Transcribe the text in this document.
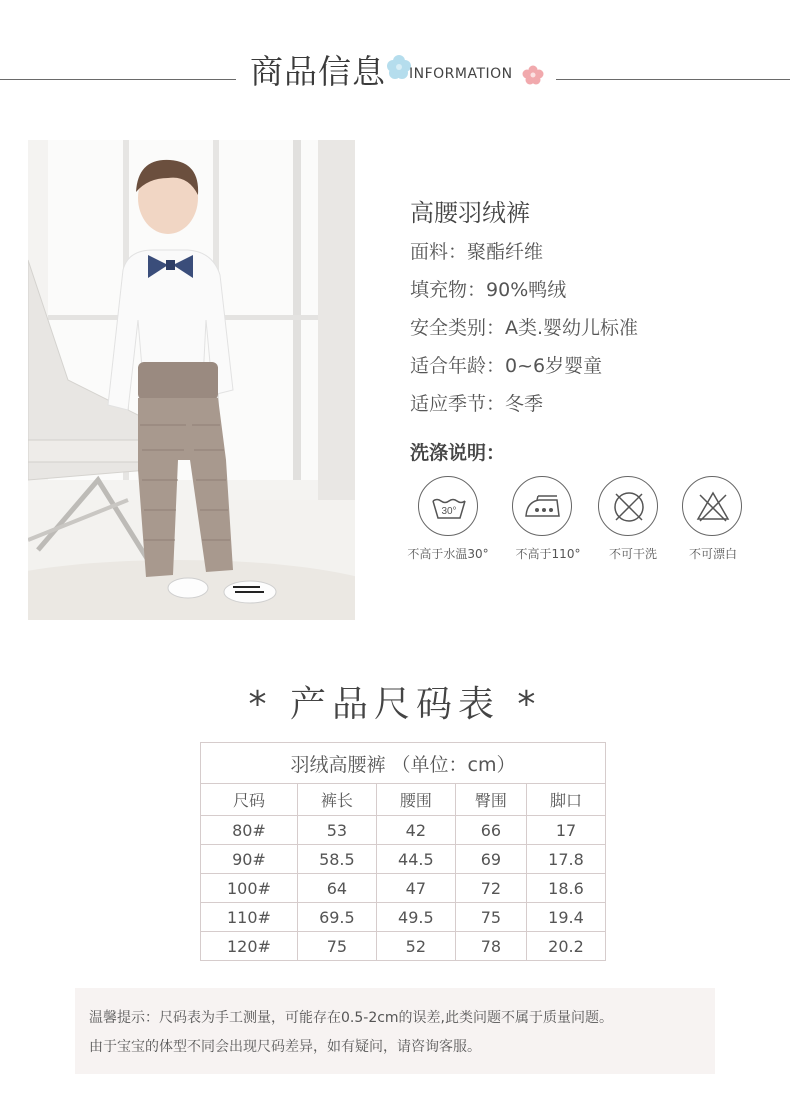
商品信息 INFORMATION
高腰羽绒裤
面料：聚酯纤维
填充物：90%鸭绒
安全类别：A类.婴幼儿标准
适合年龄：0~6岁婴童
适应季节：冬季
洗涤说明：
30°
不高于水温30°	不高于110°	不可干洗	不可漂白
* 产品尺码表 *
羽绒高腰裤 （单位：cm）				
尺码	裤长	腰围	臀围	脚口
80#	53	42	66	17
90#	58.5	44.5	69	17.8
100#	64	47	72	18.6
110#	69.5	49.5	75	19.4
120#	75	52	78	20.2
温馨提示：尺码表为手工测量，可能存在0.5-2cm的误差,此类问题不属于质量问题。
由于宝宝的体型不同会出现尺码差异，如有疑问，请咨询客服。
